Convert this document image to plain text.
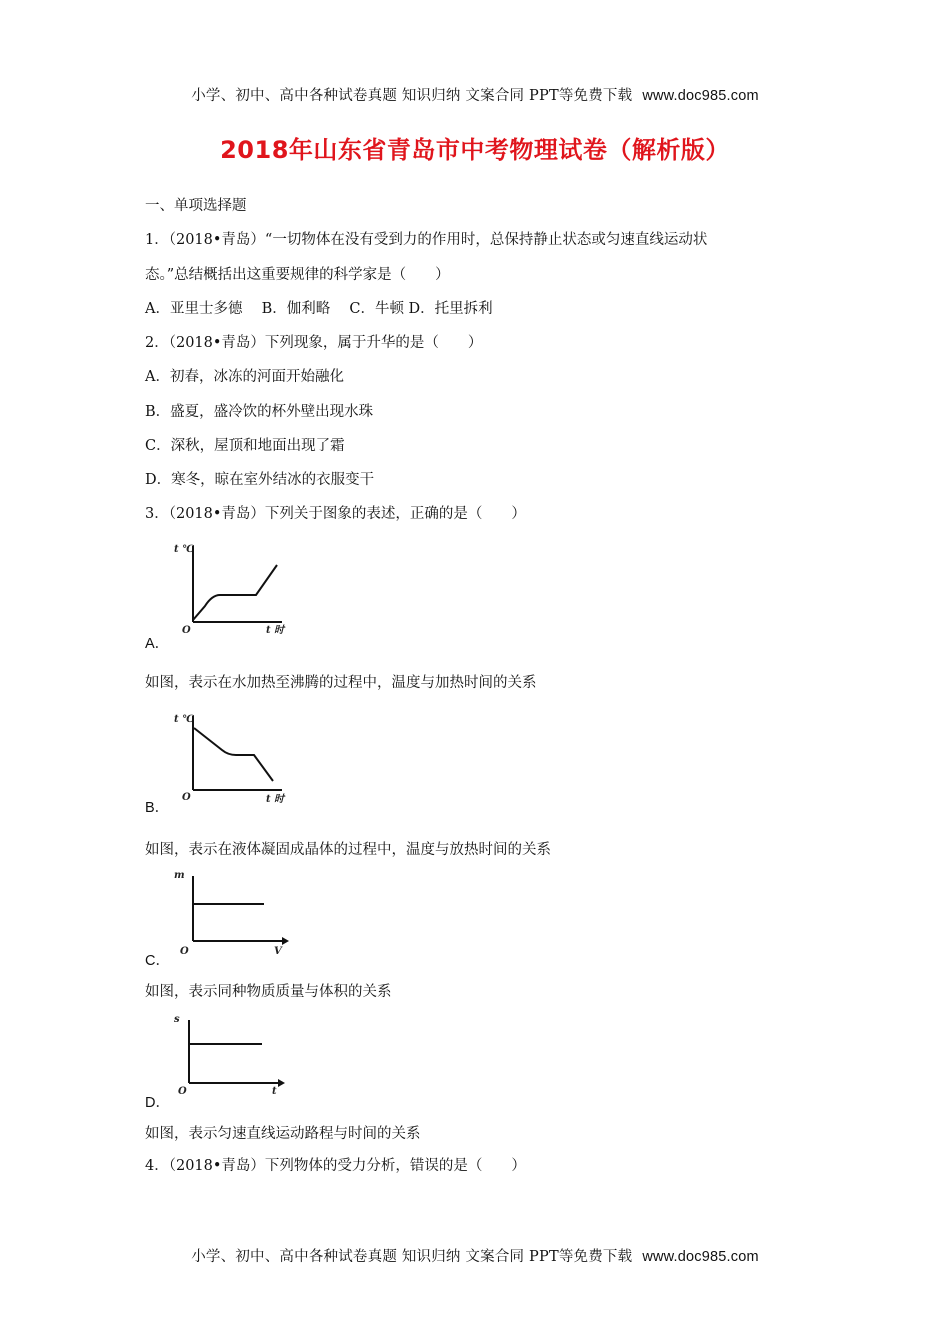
小学、初中、高中各种试卷真题 知识归纳 文案合同 PPT等免费下载 www.doc985.com
2018年山东省青岛市中考物理试卷（解析版）
一、单项选择题
1．（2018•青岛）“一切物体在没有受到力的作用时，总保持静止状态或匀速直线运动状
态。”总结概括出这重要规律的科学家是（　　）
A．亚里士多德　 B．伽利略　 C．牛顿 D．托里拆利
2．（2018•青岛）下列现象，属于升华的是（　　）
A．初春，冰冻的河面开始融化
B．盛夏，盛冷饮的杯外壁出现水珠
C．深秋，屋顶和地面出现了霜
D．寒冬，晾在室外结冰的衣服变干
3．（2018•青岛）下列关于图象的表述，正确的是（　　）
t ℃
O	t 时
A．
如图，表示在水加热至沸腾的过程中，温度与加热时间的关系
t ℃
O	t 时
B．
如图，表示在液体凝固成晶体的过程中，温度与放热时间的关系
m
O	V
C．
如图，表示同种物质质量与体积的关系
s
O	t
D．
如图，表示匀速直线运动路程与时间的关系
4．（2018•青岛）下列物体的受力分析，错误的是（　　）
小学、初中、高中各种试卷真题 知识归纳 文案合同 PPT等免费下载 www.doc985.com
